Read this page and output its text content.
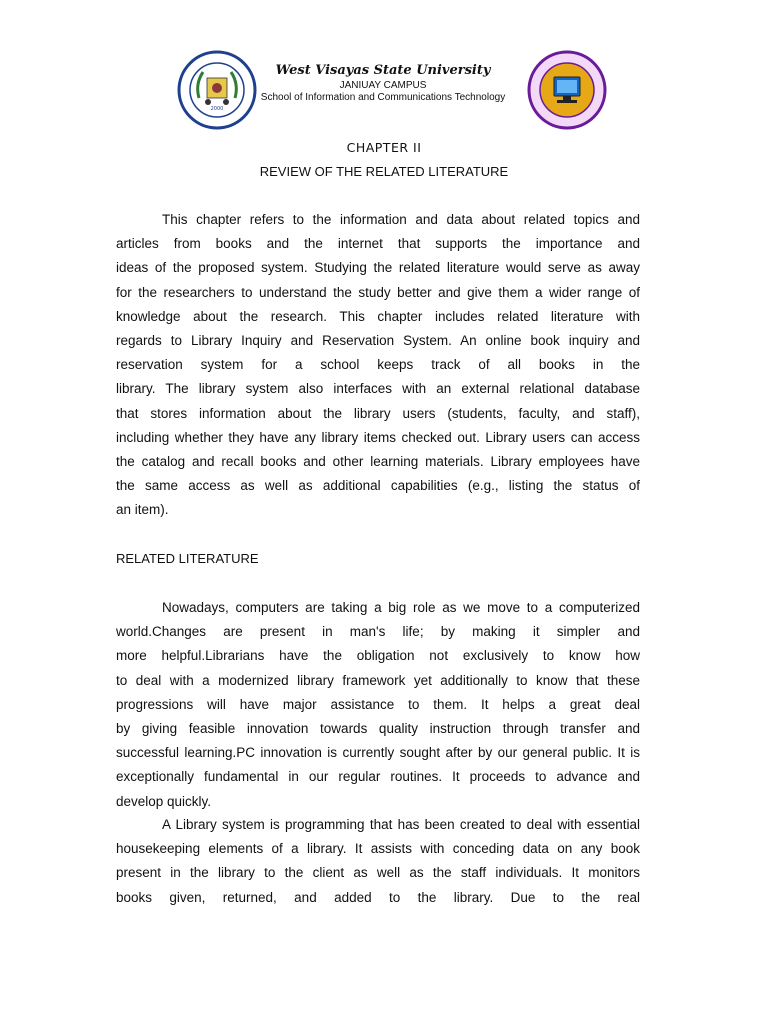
2000
West Visayas State University
JANIUAY CAMPUS
School of Information and Communications Technology
CHAPTER II
REVIEW OF THE RELATED LITERATURE
This chapter refers to the information and data about related topics and
articles from books and the internet that supports the importance and
ideas of the proposed system. Studying the related literature would serve as away
for the researchers to understand the study better and give them a wider range of
knowledge about the research. This chapter includes related literature with
regards to Library Inquiry and Reservation System. An online book inquiry and
reservation system for a school keeps track of all books in the
library. The library system also interfaces with an external relational database
that stores information about the library users (students, faculty, and staff),
including whether they have any library items checked out. Library users can access
the catalog and recall books and other learning materials. Library employees have
the same access as well as additional capabilities (e.g., listing the status of
an item).
RELATED LITERATURE
Nowadays, computers are taking a big role as we move to a computerized
world.Changes are present in man's life; by making it simpler and
more helpful.Librarians have the obligation not exclusively to know how
to deal with a modernized library framework yet additionally to know that these
progressions will have major assistance to them. It helps a great deal
by giving feasible innovation towards quality instruction through transfer and
successful learning.PC innovation is currently sought after by our general public. It is
exceptionally fundamental in our regular routines. It proceeds to advance and
develop quickly.
A Library system is programming that has been created to deal with essential
housekeeping elements of a library. It assists with conceding data on any book
present in the library to the client as well as the staff individuals. It monitors
books given, returned, and added to the library. Due to the real
